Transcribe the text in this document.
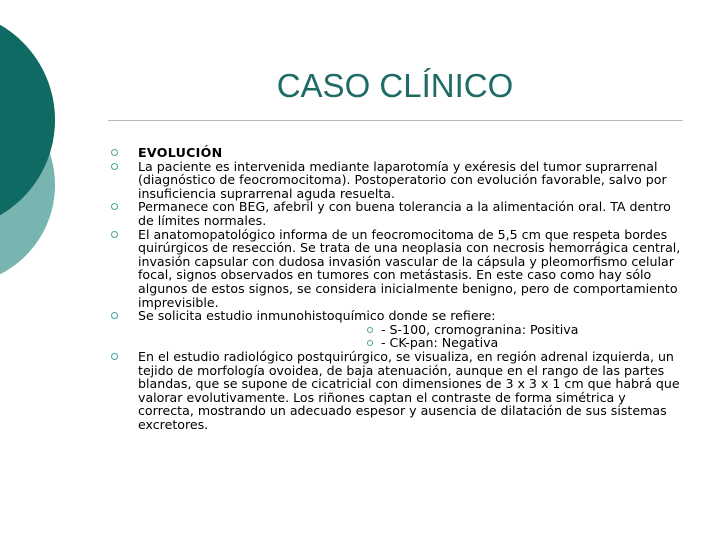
CASO CLÍNICO
EVOLUCIÓN
La paciente es intervenida mediante laparotomía y exéresis del tumor suprarrenal (diagnóstico de feocromocitoma). Postoperatorio con evolución favorable, salvo por insuficiencia suprarrenal aguda resuelta.
Permanece con BEG, afebril y con buena tolerancia a la alimentación oral. TA dentro de límites normales.
El anatomopatológico informa de un feocromocitoma de 5,5 cm que respeta bordes quirúrgicos de resección. Se trata de una neoplasia con necrosis hemorrágica central, invasión capsular con dudosa invasión vascular de la cápsula y pleomorfismo celular focal, signos observados en tumores con metástasis. En este caso como hay sólo algunos de estos signos, se considera inicialmente benigno, pero de comportamiento imprevisible.
Se solicita estudio inmunohistoquímico donde se refiere:
- S-100, cromogranina: Positiva
- CK-pan: Negativa
En el estudio radiológico postquirúrgico, se visualiza, en región adrenal izquierda, un tejido de morfología ovoidea, de baja atenuación, aunque en el rango de las partes blandas, que se supone de cicatricial con dimensiones de 3 x 3 x 1 cm que habrá que valorar evolutivamente. Los riñones captan el contraste de forma simétrica y correcta, mostrando un adecuado espesor y ausencia de dilatación de sus sistemas excretores.
